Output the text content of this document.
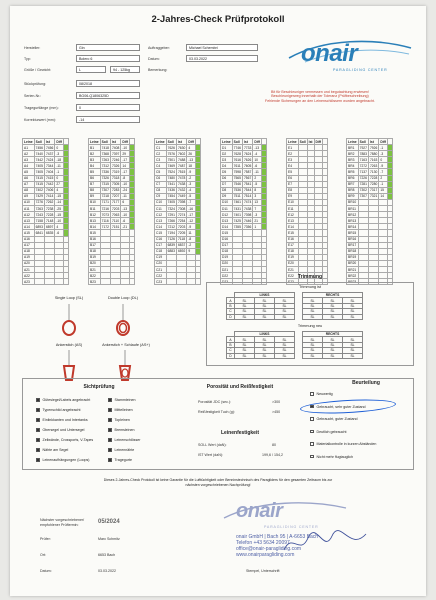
2-Jahres-Check Prüfprotokoll
Hersteller:	Gin
Typ:	Bolero 6
Größe / Gewicht:	L	94 - 125kg
Stückprüfung:	08/2018
Serien-Nr.:	BG06-Q1806325D
Tragegurtlänge (mm):	0
Korrekturwert (mm):	-14
Auftraggeber:	Michael Schembri
Datum:	03.03.2022
Bemerkung:
onair
PARAGLIDING CENTER
Bit für Beschleuniger vermessen und begutachtung erwiesen!
Beschleunigerweg innerhalb der Toleranz (Prüfbeschreibung)
Fehlende Sicherungen an den Leinenschlössern wurden angebracht.
Leine	Soll	Ist	Diff	
A1	7456	7456	0	
A2	7440	7437	-3	
A3	7442	7424	-18	
A4	7405	7344	-11	
A5	7405	7404	-1	
A6	7415	7415	0	
A7	7415	7442	27	
A8	7402	7406	4	
A9	7429	7414	-15	
A10	7276	7262	-14	
A11	7263	7238	-25	
A12	7243	7228	-15	
A13	7158	7148	-10	
A14	6893	6897	4	
A15	6841	6835	-6	
A16				
A17				
A18				
A19				
A20				
A21				
A22				
A23				
Leine	Soll	Ist	Diff	
B1	7418	7408	-10	
B2	7368	7397	29	
B3	7263	7246	-17	
B4	7312	7326	14	
B5	7336	7319	-17	
B6	7326	7318	-8	
B7	7315	7305	-10	
B8	7307	7283	-24	
B9	7218	7207	-11	
B10	7171	7177	6	
B11	7216	7203	-13	
B12	7073	7063	-10	
B13	7116	7110	-6	
B14	7172	7151	-21	
B15				
B16				
B17				
B18				
B19				
B20				
B21				
B22				
B23				
Leine	Soll	Ist	Diff	
C1	7626	7630	4	
C2	7576	7602	26	
C3	7501	7488	-13	
C4	7469	7487	18	
C5	7524	7515	-9	
C6	7480	7478	-2	
C7	7441	7438	-3	
C8	7436	7432	-4	
C9	7454	7449	-5	
C10	7405	7398	-7	
C11	7324	7308	-16	
C12	7291	7274	-17	
C13	7266	7254	-12	
C14	7212	7203	-9	
C15	7194	7205	11	
C16	7126	7118	-8	
C17	6839	6837	-2	
C18	6883	6892	9	
C19				
C20				
C21				
C22				
C23				
Leine	Soll	Ist	Diff	
D1	7746	7733	-13	
D2	7628	7624	-4	
D3	7616	7626	10	
D4	7611	7605	-6	
D5	7598	7587	-11	
D6	7565	7567	2	
D7	7546	7541	-5	
D8	7536	7544	8	
D9	7511	7514	3	
D10	7461	7474	13	
D11	7431	7438	7	
D12	7401	7398	-3	
D13	7425	7446	21	
D14	7355	7356	1	
D15				
D16				
D17				
D18				
D19				
D20				
D21				
D22				
D23				
Leine	Soll	Ist	Diff	
E1				
E2				
E3				
E4				
E5				
E6				
E7				
E8				
E9				
E10				
E11				
E12				
E13				
E14				
E15				
E16				
E17				
E18				
E19				
E20				
E21				
E22				
E23				
Leine	Soll	Ist	Diff	
BR1	7927	7926	-1	
BR2	7883	7880	-3	
BR3	7163	7163	0	
BR4	7272	7263	-9	
BR5	7137	7130	-7	
BR6	7226	7228	2	
BR7	7281	7280	-1	
BR8	7302	7317	15	
BR9	7307	7321	14	
BR10				
BR11				
BR12				
BR13				
BR14				
BR15				
BR16				
BR17				
BR18				
BR19				
BR20				
BR21				
BR22				
BR23				
Single Loop (SL)	Double Loop (DL)
Ankerstich (AS)	Ankerstich + Schlaufe (AS+)
Trimmung
Trimmung ist
	LINKS				RECHTS		
A	SL	SL	SL		SL	SL	SL
B	SL	SL	SL		SL	SL	SL
C	SL	SL	SL		SL	SL	SL
D	SL	SL	SL		SL	SL	SL
Trimmung neu
	LINKS				RECHTS		
A	SL	SL	SL		SL	SL	SL
B	SL	SL	SL		SL	SL	SL
C	SL	SL	SL		SL	SL	SL
D	SL	SL	SL		SL	SL	SL
Sichtprüfung
Gütesiegel/Labels angebracht
Typenschild angebracht
Einlinkkanten und Intertanks
Obersegel und Untersegel
Zellwände, Crossports, V-Tapes
Nähte am Segel
Leinenaufhängungen (Loops)
Stammleinen
Mittelleinen
Topleinen
Bremsleinen
Leinenschlösser
Leinennähte
Tragegurte
Porosität und Reißfestigkeit
Porosität JDC (sec.):	>300
Reißfestigkeit Tuch (g):	>450
Leinenfestigkeit
SOLL Wert (daN):	80
IST Wert (daN):	199,6 / 154,2
Beurteilung
Neuwertig
Gebraucht, sehr guter Zustand
Gebraucht, guter Zustand
Deutlich gebraucht
Materialkontrolle in kurzen Abständen
Nicht mehr flugtauglich
Dieses 2-Jahres-Check Protokoll ist keine Garantie für die Lufttüchtigkeit oder Benninstechnisch des Paragliders für den gesamten Zeitraum bis zur
nächsten vorgeschriebenen Nachprüfung!
Nächster vorgeschriebener/
empfohlener Prüftermin:	05/2024
Prüfer:	Marc Schmitz
Ort:	6653 Bach
Datum:	03.03.2022	Stempel, Unterschrift
onair
PARAGLIDING CENTER
onair GmbH | Bach 95 | A-6653 Bach
Telefon +43 5634 20097
office@onair-paragliding.com
www.onairparagliding.com
